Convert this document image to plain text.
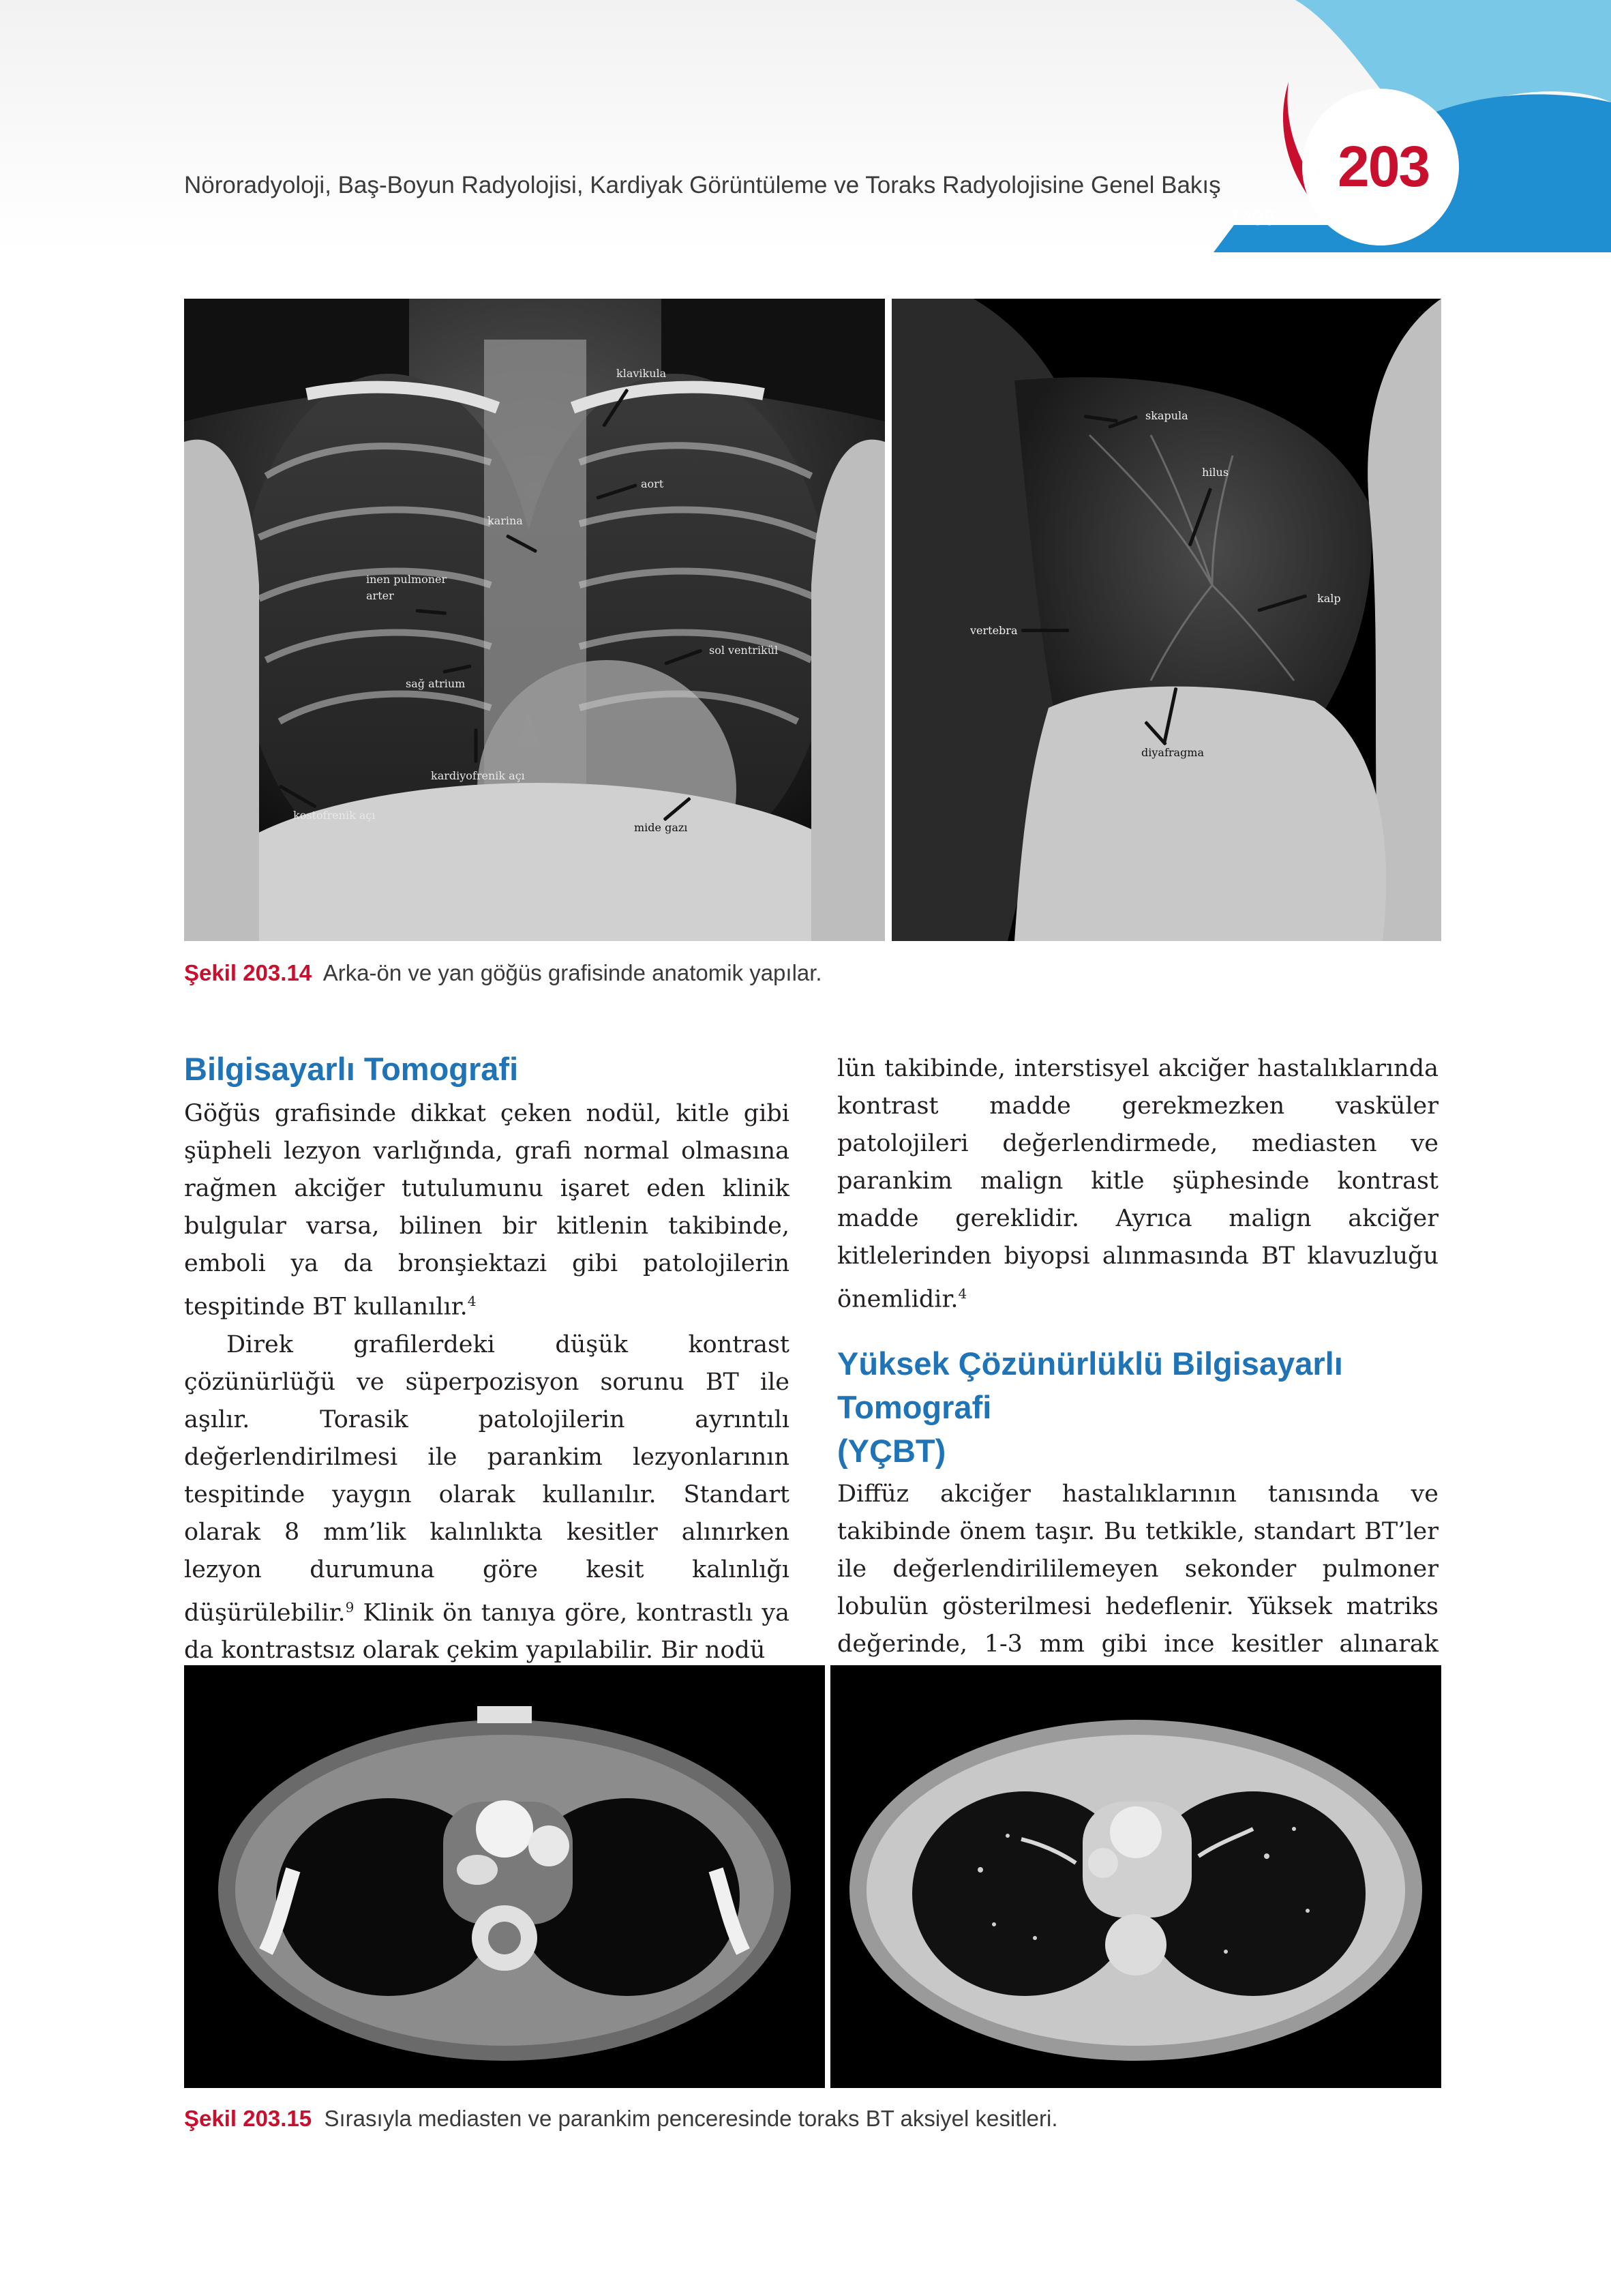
Nöroradyoloji, Baş-Boyun Radyolojisi, Kardiyak Görüntüleme ve Toraks Radyolojisine Genel Bakış
1435
Bölüm
203
klavikula
aort
karina
inen pulmoner
arter
sol ventrikül
sağ atrium
kardiyofrenik açı
kostofrenik açı
mide gazı
skapula
hilus
kalp
vertebra
diyafragma
Şekil 203.14 Arka-ön ve yan göğüs grafisinde anatomik yapılar.
Bilgisayarlı Tomografi
Göğüs grafisinde dikkat çeken nodül, kitle gibi şüpheli lezyon varlığında, grafi normal olmasına rağmen akciğer tutulumunu işaret eden klinik bulgular varsa, bilinen bir kitlenin takibinde, emboli ya da bronşiektazi gibi patolojilerin tespitinde BT kullanılır.$^4$
Direk grafilerdeki düşük kontrast çözünürlüğü ve süperpozisyon sorunu BT ile aşılır. Torasik patolojilerin ayrıntılı değerlendirilmesi ile parankim lezyonlarının tespitinde yaygın olarak kullanılır. Standart olarak 8 mm’lik kalınlıkta kesitler alınırken lezyon durumuna göre kesit kalınlığı düşürülebilir.$^9$ Klinik ön tanıya göre, kontrastlı ya da kontrastsız olarak çekim yapılabilir. Bir nodü
lün takibinde, interstisyel akciğer hastalıklarında kontrast madde gerekmezken vasküler patolojileri değerlendirmede, mediasten ve parankim malign kitle şüphesinde kontrast madde gereklidir. Ayrıca malign akciğer kitlelerinden biyopsi alınmasında BT klavuzluğu önemlidir.$^4$
Yüksek Çözünürlüklü Bilgisayarlı Tomografi
(YÇBT)
Diffüz akciğer hastalıklarının tanısında ve takibinde önem taşır. Bu tetkikle, standart BT’ler ile değerlendirililemeyen sekonder pulmoner lobulün gösterilmesi hedeflenir. Yüksek matriks değerinde, 1-3 mm gibi ince kesitler alınarak
Şekil 203.15 Sırasıyla mediasten ve parankim penceresinde toraks BT aksiyel kesitleri.
